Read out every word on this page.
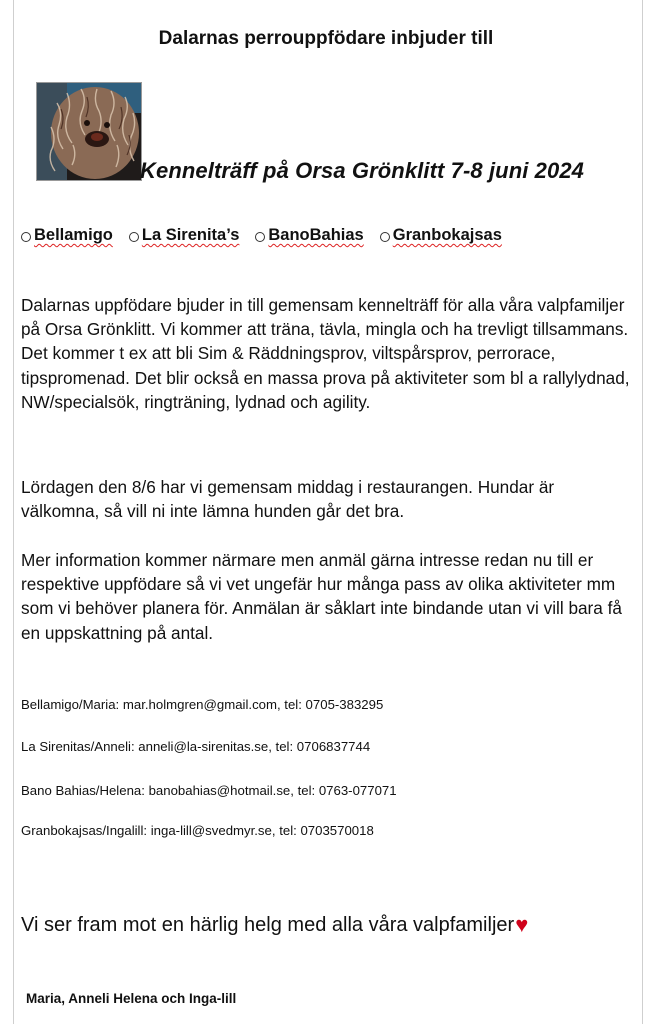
Dalarnas perrouppfödare inbjuder till
Kennelträff på Orsa Grönklitt 7-8 juni 2024
Bellamigo La Sirenita’s BanoBahias Granbokajsas

Dalarnas uppfödare bjuder in till gemensam kennelträff för alla våra valpfamiljer på Orsa Grönklitt. Vi kommer att träna, tävla, mingla och ha trevligt tillsammans. Det kommer t ex att bli Sim & Räddningsprov, viltspårsprov, perrorace, tipspromenad. Det blir också en massa prova på aktiviteter som bl a rallylydnad, NW/specialsök, ringträning, lydnad och agility.

Lördagen den 8/6 har vi gemensam middag i restaurangen. Hundar är välkomna, så vill ni inte lämna hunden går det bra.

Mer information kommer närmare men anmäl gärna intresse redan nu till er respektive uppfödare så vi vet ungefär hur många pass av olika aktiviteter mm som vi behöver planera för. Anmälan är såklart inte bindande utan vi vill bara få en uppskattning på antal.

Bellamigo/Maria: mar.holmgren@gmail.com, tel: 0705-383295
La Sirenitas/Anneli: anneli@la-sirenitas.se, tel: 0706837744
Bano Bahias/Helena: banobahias@hotmail.se, tel: 0763-077071
Granbokajsas/Ingalill: inga-lill@svedmyr.se, tel: 0703570018
Vi ser fram mot en härlig helg med alla våra valpfamiljer ♥
Maria, Anneli Helena och Inga-lill
